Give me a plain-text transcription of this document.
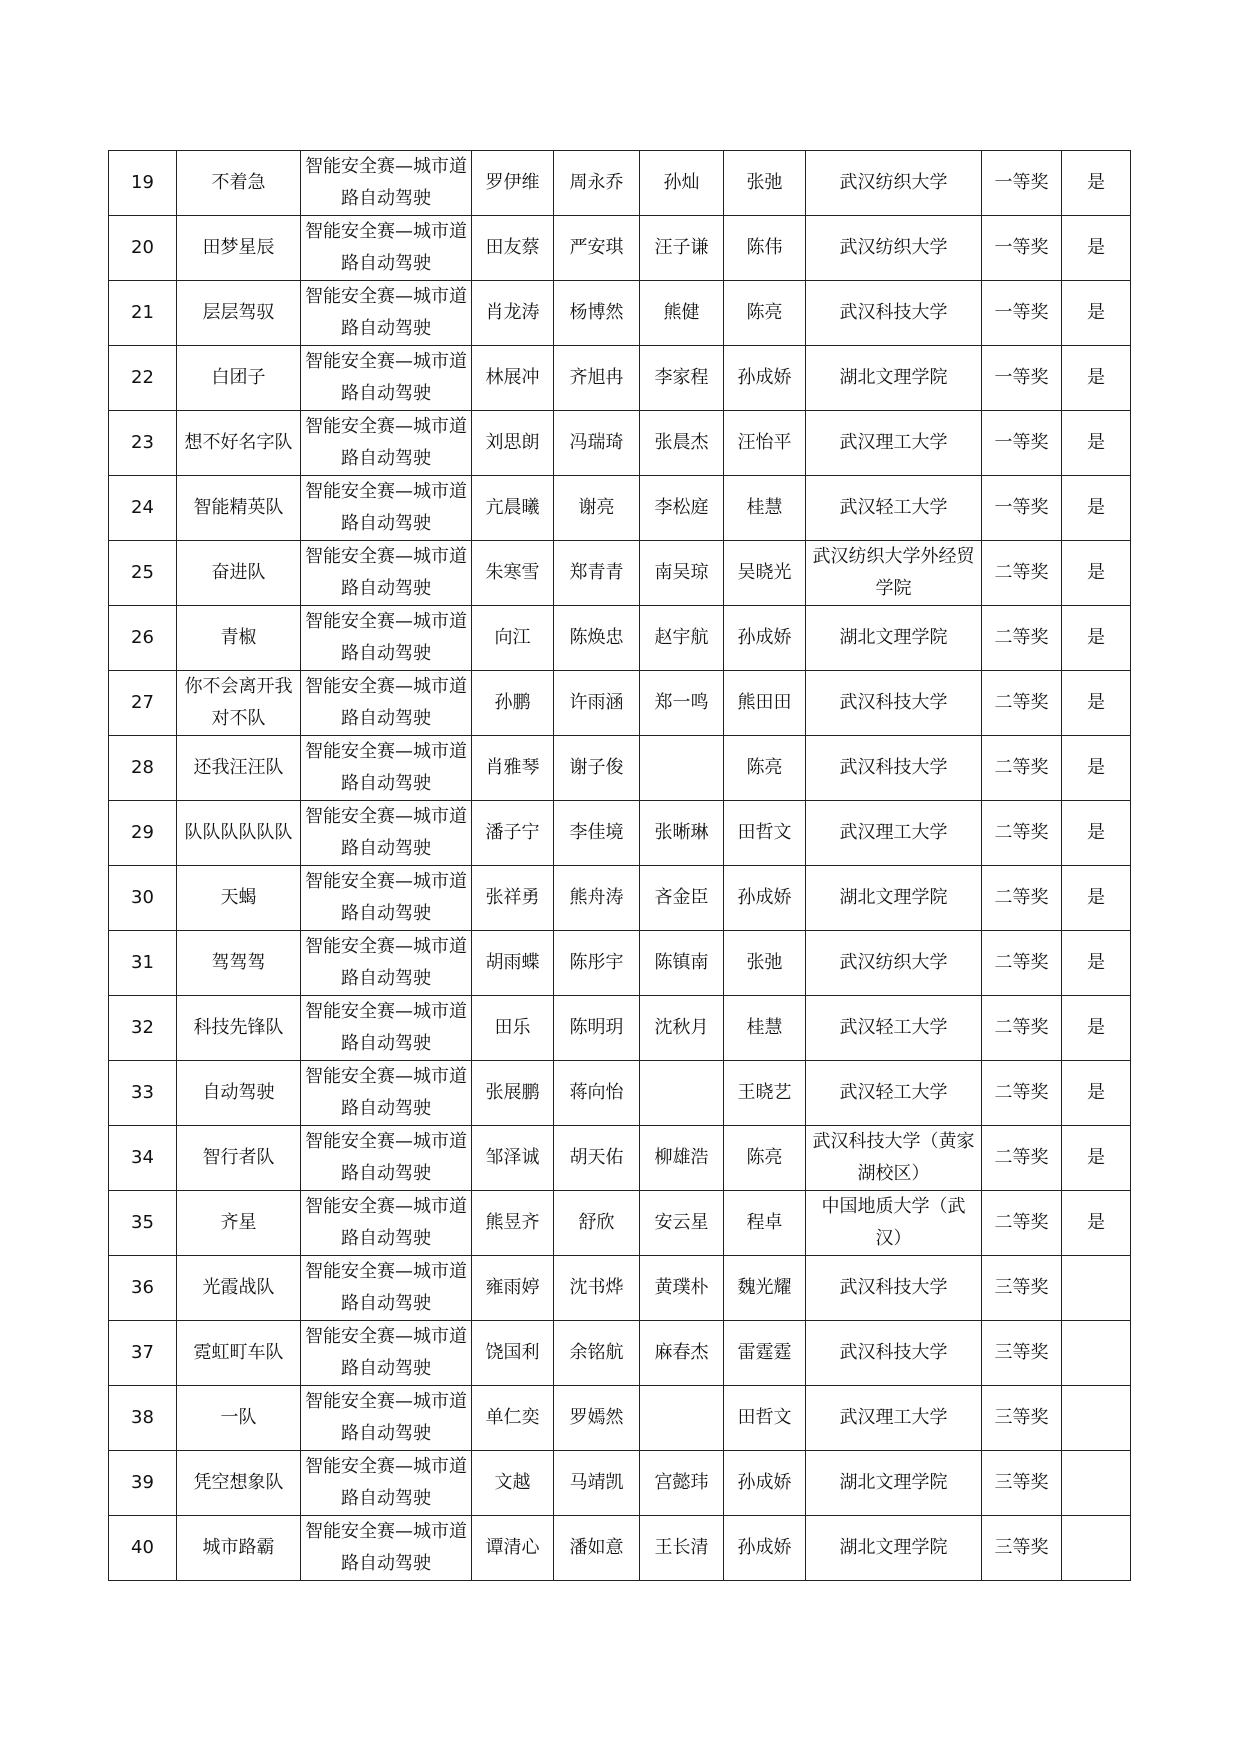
19	不着急	智能安全赛—城市道路自动驾驶	罗伊维	周永乔	孙灿	张弛	武汉纺织大学	一等奖	是
20	田梦星辰	智能安全赛—城市道路自动驾驶	田友蔡	严安琪	汪子谦	陈伟	武汉纺织大学	一等奖	是
21	层层驾驭	智能安全赛—城市道路自动驾驶	肖龙涛	杨博然	熊健	陈亮	武汉科技大学	一等奖	是
22	白团子	智能安全赛—城市道路自动驾驶	林展冲	齐旭冉	李家程	孙成娇	湖北文理学院	一等奖	是
23	想不好名字队	智能安全赛—城市道路自动驾驶	刘思朗	冯瑞琦	张晨杰	汪怡平	武汉理工大学	一等奖	是
24	智能精英队	智能安全赛—城市道路自动驾驶	亢晨曦	谢亮	李松庭	桂慧	武汉轻工大学	一等奖	是
25	奋进队	智能安全赛—城市道路自动驾驶	朱寒雪	郑青青	南吴琼	吴晓光	武汉纺织大学外经贸学院	二等奖	是
26	青椒	智能安全赛—城市道路自动驾驶	向江	陈焕忠	赵宇航	孙成娇	湖北文理学院	二等奖	是
27	你不会离开我对不队	智能安全赛—城市道路自动驾驶	孙鹏	许雨涵	郑一鸣	熊田田	武汉科技大学	二等奖	是
28	还我汪汪队	智能安全赛—城市道路自动驾驶	肖雅琴	谢子俊		陈亮	武汉科技大学	二等奖	是
29	队队队队队队	智能安全赛—城市道路自动驾驶	潘子宁	李佳境	张晰琳	田哲文	武汉理工大学	二等奖	是
30	天蝎	智能安全赛—城市道路自动驾驶	张祥勇	熊舟涛	吝金臣	孙成娇	湖北文理学院	二等奖	是
31	驾驾驾	智能安全赛—城市道路自动驾驶	胡雨蝶	陈彤宇	陈镇南	张弛	武汉纺织大学	二等奖	是
32	科技先锋队	智能安全赛—城市道路自动驾驶	田乐	陈明玥	沈秋月	桂慧	武汉轻工大学	二等奖	是
33	自动驾驶	智能安全赛—城市道路自动驾驶	张展鹏	蒋向怡		王晓艺	武汉轻工大学	二等奖	是
34	智行者队	智能安全赛—城市道路自动驾驶	邹泽诚	胡天佑	柳雄浩	陈亮	武汉科技大学（黄家湖校区）	二等奖	是
35	齐星	智能安全赛—城市道路自动驾驶	熊昱齐	舒欣	安云星	程卓	中国地质大学（武汉）	二等奖	是
36	光霞战队	智能安全赛—城市道路自动驾驶	雍雨婷	沈书烨	黄璞朴	魏光耀	武汉科技大学	三等奖	
37	霓虹町车队	智能安全赛—城市道路自动驾驶	饶国利	余铭航	麻春杰	雷霆霆	武汉科技大学	三等奖	
38	一队	智能安全赛—城市道路自动驾驶	单仁奕	罗嫣然		田哲文	武汉理工大学	三等奖	
39	凭空想象队	智能安全赛—城市道路自动驾驶	文越	马靖凯	宫懿玮	孙成娇	湖北文理学院	三等奖	
40	城市路霸	智能安全赛—城市道路自动驾驶	谭清心	潘如意	王长清	孙成娇	湖北文理学院	三等奖	
